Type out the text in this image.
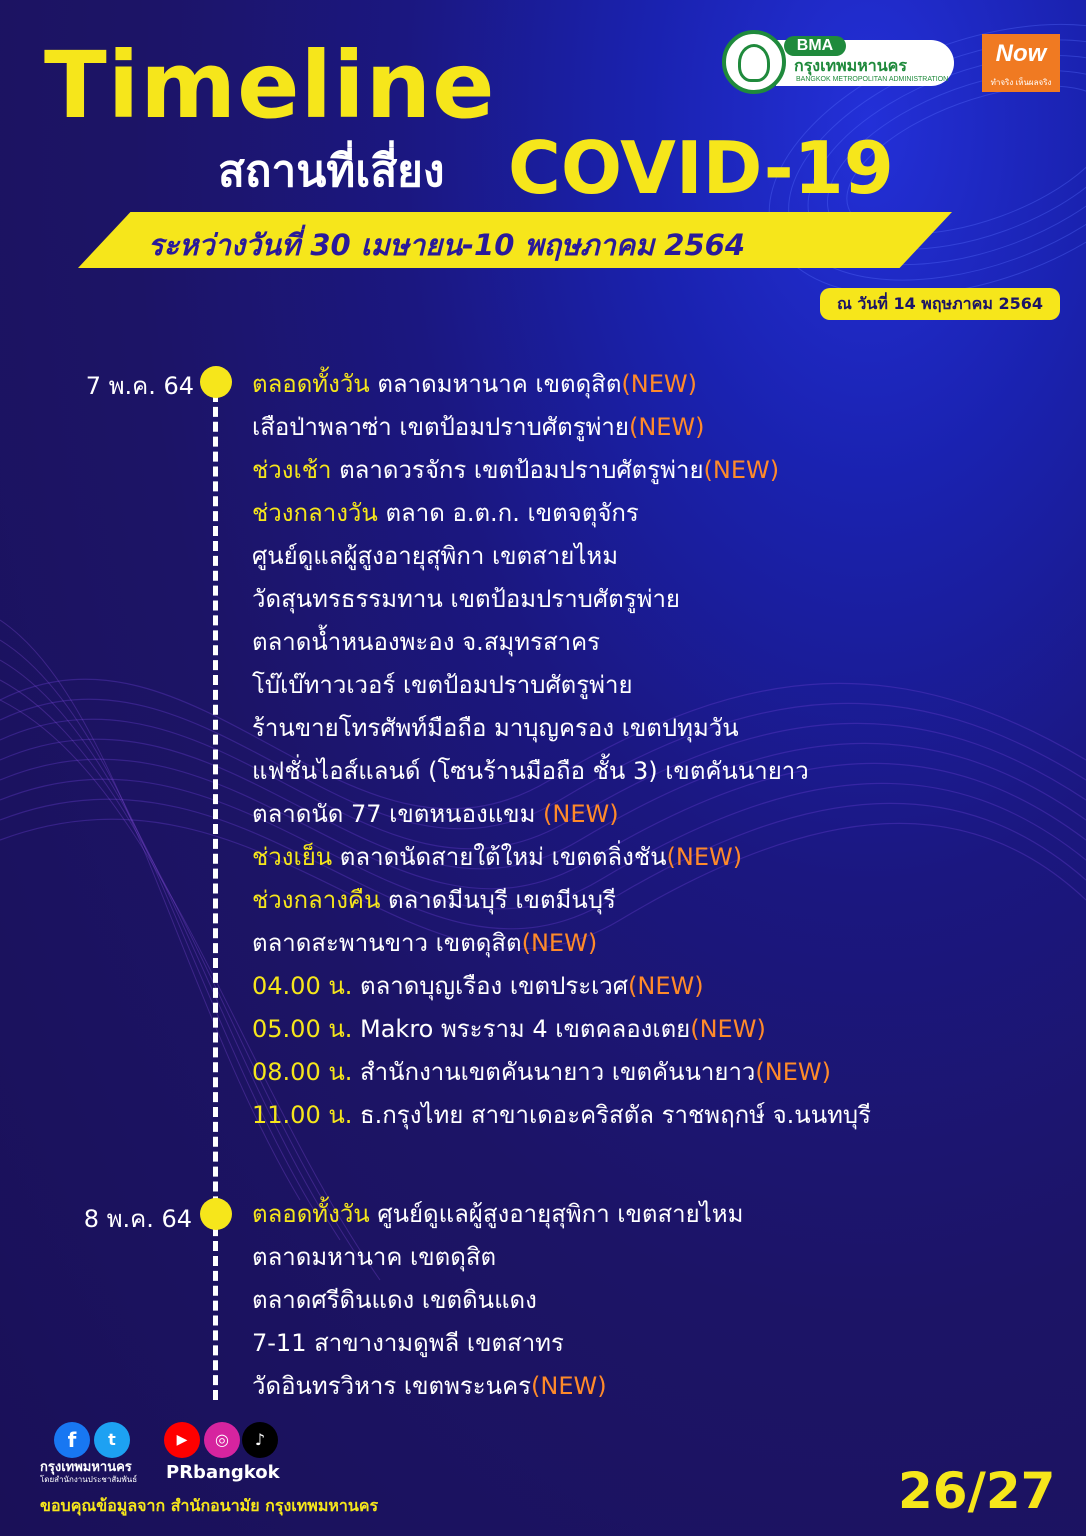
Timeline
สถานที่เสี่ยง COVID-19
ระหว่างวันที่ 30 เมษายน-10 พฤษภาคม 2564
ณ วันที่ 14 พฤษภาคม 2564
BMA
กรุงเทพมหานคร
BANGKOK METROPOLITAN ADMINISTRATION
Now
ทำจริง เห็นผลจริง
7 พ.ค. 64 ตลอดทั้งวัน ตลาดมหานาค เขตดุสิต(NEW)
เสือป่าพลาซ่า เขตป้อมปราบศัตรูพ่าย(NEW)
ช่วงเช้า ตลาดวรจักร เขตป้อมปราบศัตรูพ่าย(NEW)
ช่วงกลางวัน ตลาด อ.ต.ก. เขตจตุจักร
ศูนย์ดูแลผู้สูงอายุสุพิกา เขตสายไหม
วัดสุนทรธรรมทาน เขตป้อมปราบศัตรูพ่าย
ตลาดน้ำหนองพะอง จ.สมุทรสาคร
โบ๊เบ๊ทาวเวอร์ เขตป้อมปราบศัตรูพ่าย
ร้านขายโทรศัพท์มือถือ มาบุญครอง เขตปทุมวัน
แฟชั่นไอส์แลนด์ (โซนร้านมือถือ ชั้น 3) เขตคันนายาว
ตลาดนัด 77 เขตหนองแขม (NEW)
ช่วงเย็น ตลาดนัดสายใต้ใหม่ เขตตลิ่งชัน(NEW)
ช่วงกลางคืน ตลาดมีนบุรี เขตมีนบุรี
ตลาดสะพานขาว เขตดุสิต(NEW)
04.00 น. ตลาดบุญเรือง เขตประเวศ(NEW)
05.00 น. Makro พระราม 4 เขตคลองเตย(NEW)
08.00 น. สำนักงานเขตคันนายาว เขตคันนายาว(NEW)
11.00 น. ธ.กรุงไทย สาขาเดอะคริสตัล ราชพฤกษ์ จ.นนทบุรี
8 พ.ค. 64	ตลอดทั้งวัน ศูนย์ดูแลผู้สูงอายุสุพิกา เขตสายไหม
ตลาดมหานาค เขตดุสิต
ตลาดศรีดินแดง เขตดินแดง
7-11 สาขางามดูพลี เขตสาทร
วัดอินทรวิหาร เขตพระนคร(NEW)
f	t	▶	◎	♪
กรุงเทพมหานคร
โดยสำนักงานประชาสัมพันธ์ PRbangkok
ขอบคุณข้อมูลจาก สำนักอนามัย กรุงเทพมหานคร	26/27
